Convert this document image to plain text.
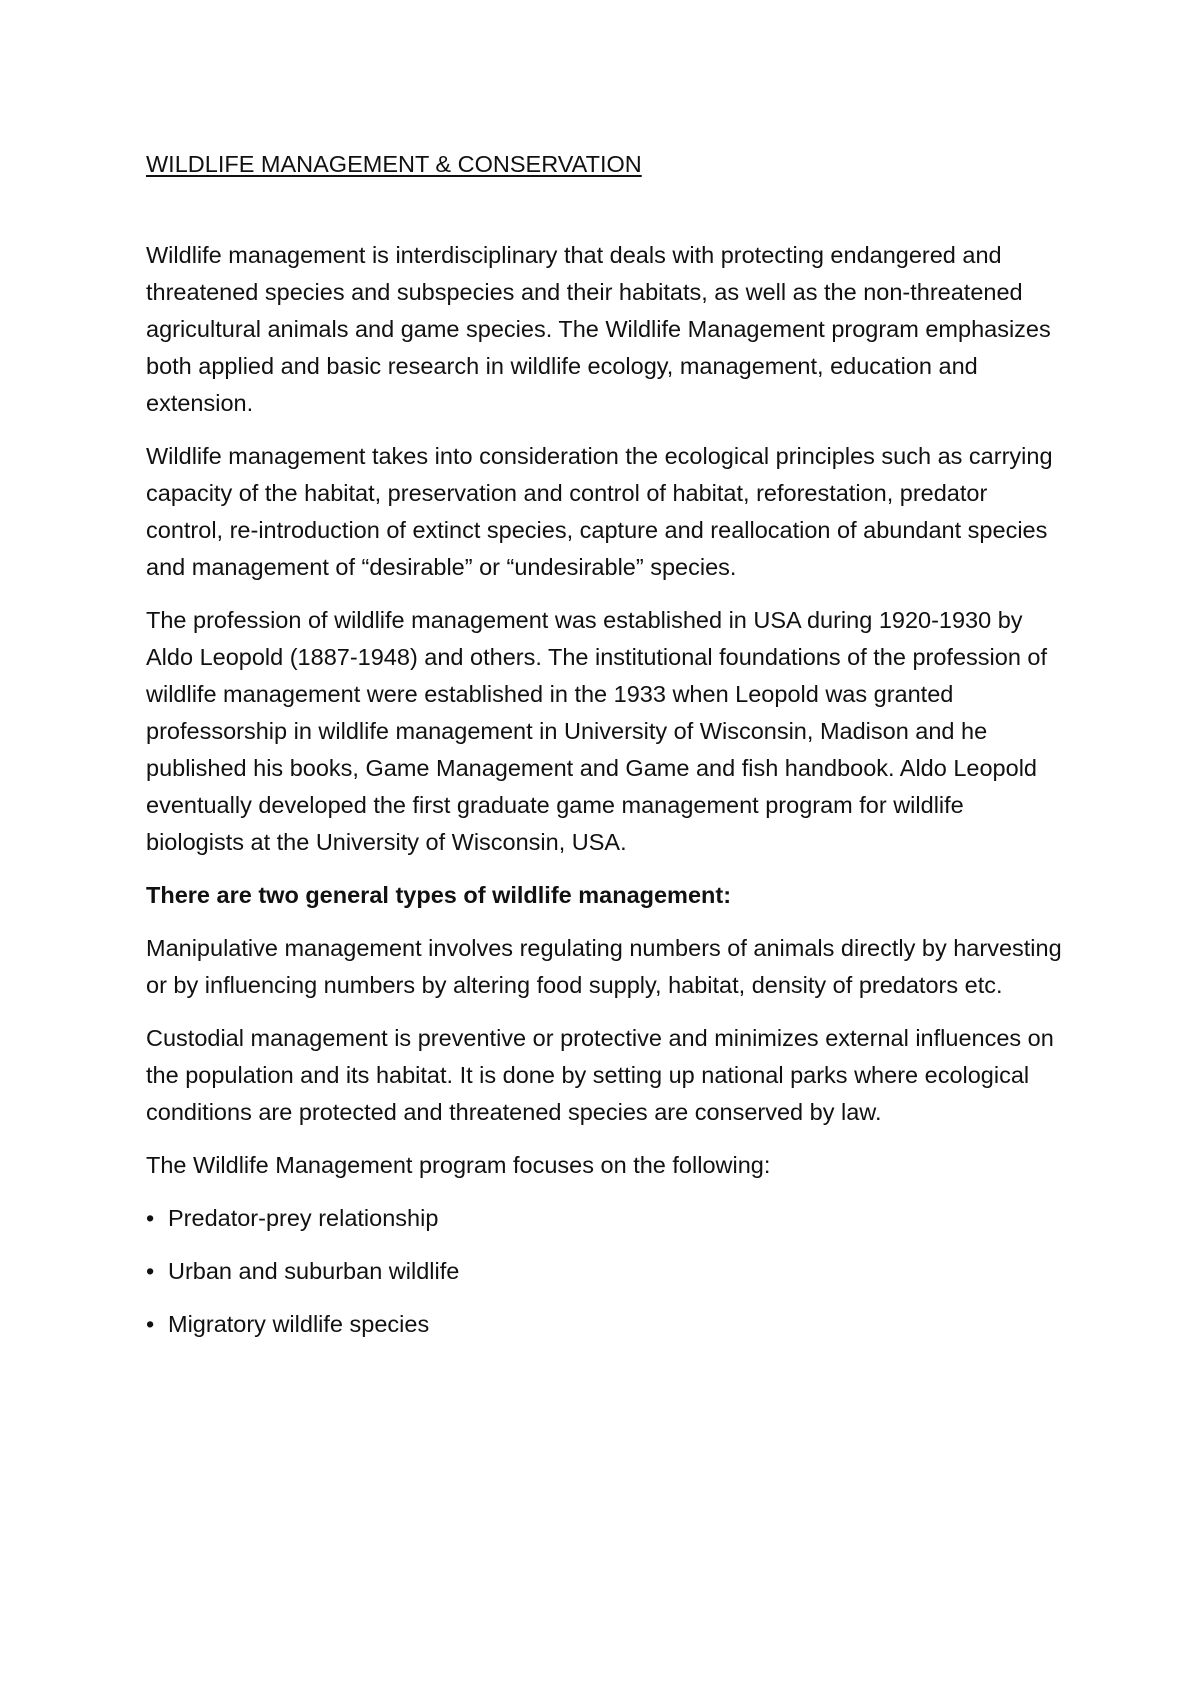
WILDLIFE MANAGEMENT & CONSERVATION

Wildlife management is interdisciplinary that deals with protecting endangered and threatened species and subspecies and their habitats, as well as the non-threatened agricultural animals and game species. The Wildlife Management program emphasizes both applied and basic research in wildlife ecology, management, education and extension.

Wildlife management takes into consideration the ecological principles such as carrying capacity of the habitat, preservation and control of habitat, reforestation, predator control, re-introduction of extinct species, capture and reallocation of abundant species and management of “desirable” or “undesirable” species.

The profession of wildlife management was established in USA during 1920-1930 by Aldo Leopold (1887-1948) and others. The institutional foundations of the profession of wildlife management were established in the 1933 when Leopold was granted professorship in wildlife management in University of Wisconsin, Madison and he published his books, Game Management and Game and fish handbook. Aldo Leopold eventually developed the first graduate game management program for wildlife biologists at the University of Wisconsin, USA.

There are two general types of wildlife management:

Manipulative management involves regulating numbers of animals directly by harvesting or by influencing numbers by altering food supply, habitat, density of predators etc.

Custodial management is preventive or protective and minimizes external influences on the population and its habitat. It is done by setting up national parks where ecological conditions are protected and threatened species are conserved by law.

The Wildlife Management program focuses on the following:

• Predator-prey relationship
• Urban and suburban wildlife
• Migratory wildlife species
